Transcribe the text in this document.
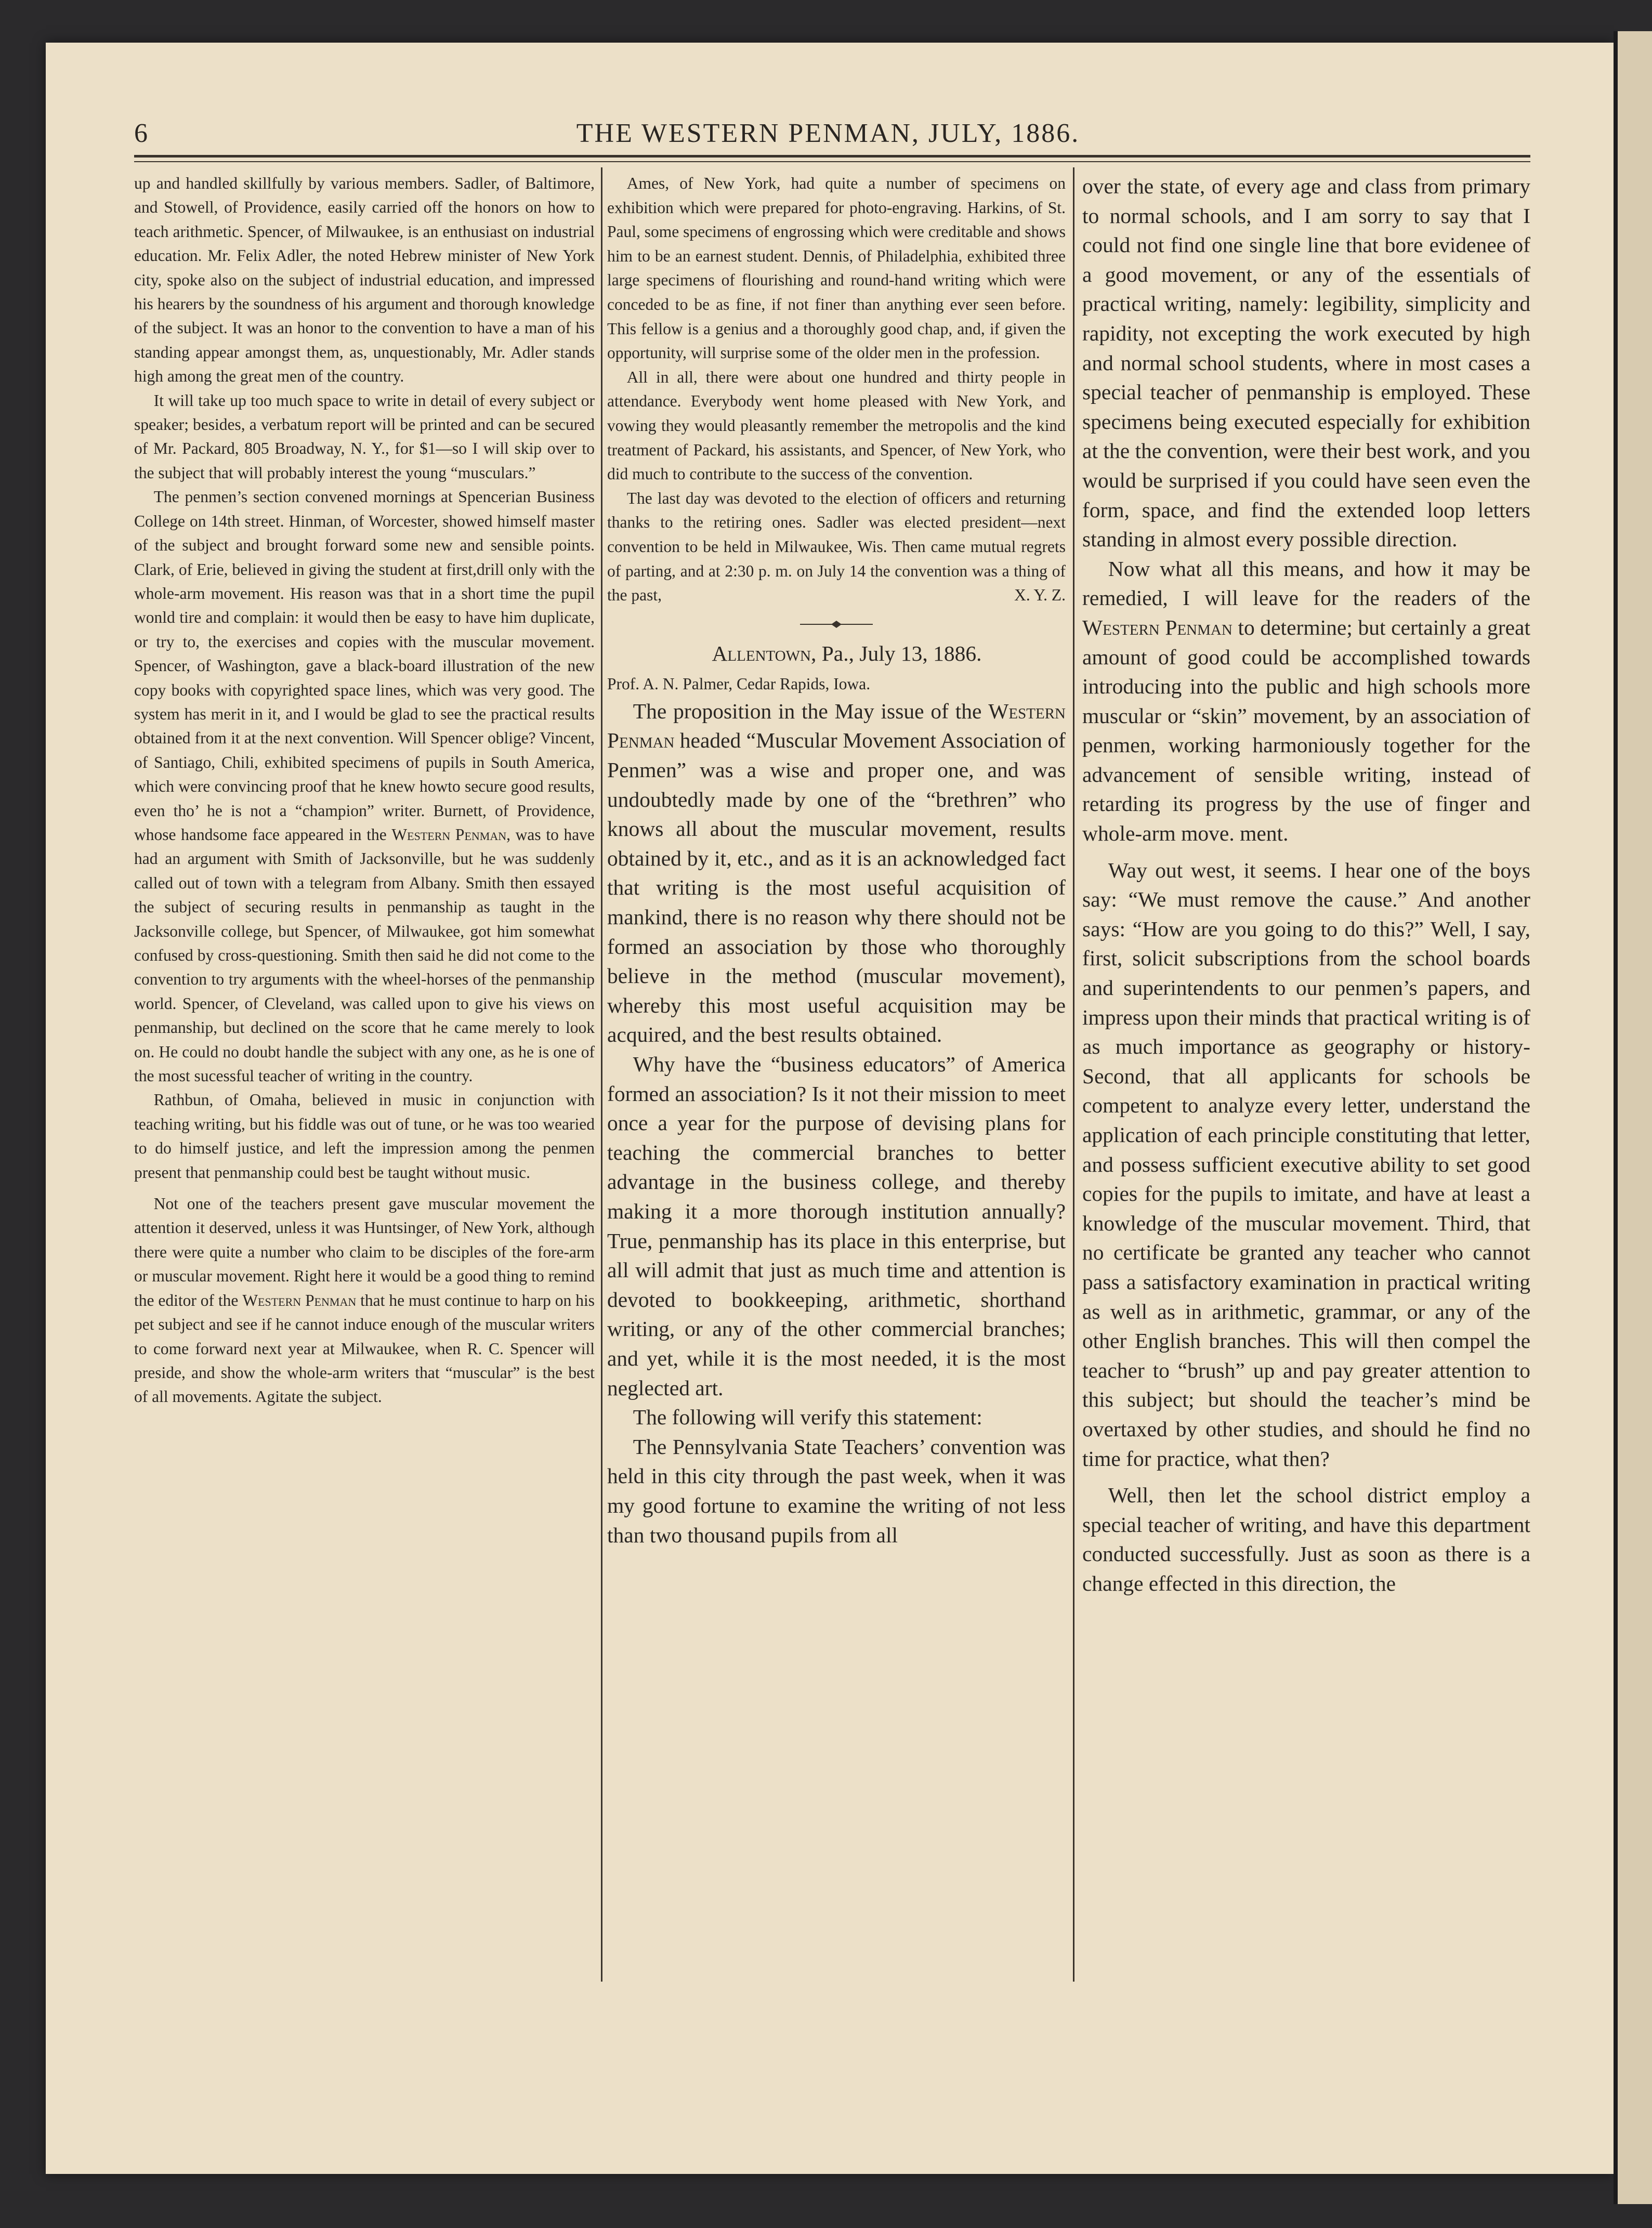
6	THE WESTERN PENMAN, JULY, 1886.

up and handled skillfully by various members. Sadler, of Baltimore, and Stowell, of Providence, easily carried off the honors on how to teach arithmetic. Spencer, of Milwaukee, is an enthusiast on industrial education. Mr. Felix Adler, the noted Hebrew minister of New York city, spoke also on the subject of industrial education, and impressed his hearers by the soundness of his argument and thorough knowledge of the subject. It was an honor to the convention to have a man of his standing appear amongst them, as, unquestionably, Mr. Adler stands high among the great men of the country.

It will take up too much space to write in detail of every subject or speaker; besides, a verbatum report will be printed and can be secured of Mr. Packard, 805 Broadway, N. Y., for $1—so I will skip over to the subject that will probably interest the young “musculars.”

The penmen’s section convened mornings at Spencerian Business College on 14th street. Hinman, of Worcester, showed himself master of the subject and brought forward some new and sensible points. Clark, of Erie, believed in giving the student at first,drill only with the whole-arm movement. His reason was that in a short time the pupil wonld tire and complain: it would then be easy to have him duplicate, or try to, the exercises and copies with the muscular movement. Spencer, of Washington, gave a black-board illustration of the new copy books with copyrighted space lines, which was very good. The system has merit in it, and I would be glad to see the practical results obtained from it at the next convention. Will Spencer oblige? Vincent, of Santiago, Chili, exhibited specimens of pupils in South America, which were convincing proof that he knew howto secure good results, even tho’ he is not a “champion” writer. Burnett, of Providence, whose handsome face appeared in the Western Penman, was to have had an argument with Smith of Jacksonville, but he was suddenly called out of town with a telegram from Albany. Smith then essayed the subject of securing results in penmanship as taught in the Jacksonville college, but Spencer, of Milwaukee, got him somewhat confused by cross-questioning. Smith then said he did not come to the convention to try arguments with the wheel-horses of the penmanship world. Spencer, of Cleveland, was called upon to give his views on penmanship, but declined on the score that he came merely to look on. He could no doubt handle the subject with any one, as he is one of the most sucessful teacher of writing in the country.

Rathbun, of Omaha, believed in music in conjunction with teaching writing, but his fiddle was out of tune, or he was too wearied to do himself justice, and left the impression among the penmen present that penmanship could best be taught without music.

Not one of the teachers present gave muscular movement the attention it deserved, unless it was Huntsinger, of New York, although there were quite a number who claim to be disciples of the fore-arm or muscular movement. Right here it would be a good thing to remind the editor of the Western Penman that he must continue to harp on his pet subject and see if he cannot induce enough of the muscular writers to come forward next year at Milwaukee, when R. C. Spencer will preside, and show the whole-arm writers that “muscular” is the best of all movements. Agitate the subject.

Ames, of New York, had quite a number of specimens on exhibition which were prepared for photo-engraving. Harkins, of St. Paul, some specimens of engrossing which were creditable and shows him to be an earnest student. Dennis, of Philadelphia, exhibited three large specimens of flourishing and round-hand writing which were conceded to be as fine, if not finer than anything ever seen before. This fellow is a genius and a thoroughly good chap, and, if given the opportunity, will surprise some of the older men in the profession.

All in all, there were about one hundred and thirty people in attendance. Everybody went home pleased with New York, and vowing they would pleasantly remember the metropolis and the kind treatment of Packard, his assistants, and Spencer, of New York, who did much to contribute to the success of the convention.

The last day was devoted to the election of officers and returning thanks to the retiring ones. Sadler was elected president—next convention to be held in Milwaukee, Wis. Then came mutual regrets of parting, and at 2:30 p. m. on July 14 the convention was a thing of the past,	X. Y. Z.

Allentown, Pa., July 13, 1886.

Prof. A. N. Palmer, Cedar Rapids, Iowa.

The proposition in the May issue of the Western Penman headed “Muscular Movement Association of Penmen” was a wise and proper one, and was undoubtedly made by one of the “brethren” who knows all about the muscular movement, results obtained by it, etc., and as it is an acknowledged fact that writing is the most useful acquisition of mankind, there is no reason why there should not be formed an association by those who thoroughly believe in the method (muscular movement), whereby this most useful acquisition may be acquired, and the best results obtained.

Why have the “business educators” of America formed an association? Is it not their mission to meet once a year for the purpose of devising plans for teaching the commercial branches to better advantage in the business college, and thereby making it a more thorough institution annually? True, penmanship has its place in this enterprise, but all will admit that just as much time and attention is devoted to bookkeeping, arithmetic, shorthand writing, or any of the other commercial branches; and yet, while it is the most needed, it is the most neglected art.

The following will verify this statement:

The Pennsylvania State Teachers’ convention was held in this city through the past week, when it was my good fortune to examine the writing of not less than two thousand pupils from all

over the state, of every age and class from primary to normal schools, and I am sorry to say that I could not find one single line that bore evidenee of a good movement, or any of the essentials of practical writing, namely: legibility, simplicity and rapidity, not excepting the work executed by high and normal school students, where in most cases a special teacher of penmanship is employed. These specimens being executed especially for exhibition at the the convention, were their best work, and you would be surprised if you could have seen even the form, space, and find the extended loop letters standing in almost every possible direction.

Now what all this means, and how it may be remedied, I will leave for the readers of the Western Penman to determine; but certainly a great amount of good could be accomplished towards introducing into the public and high schools more muscular or “skin” movement, by an association of penmen, working harmoniously together for the advancement of sensible writing, instead of retarding its progress by the use of finger and whole-arm move. ment.

Way out west, it seems. I hear one of the boys say: “We must remove the cause.” And another says: “How are you going to do this?” Well, I say, first, solicit subscriptions from the school boards and superintendents to our penmen’s papers, and impress upon their minds that practical writing is of as much importance as geography or history- Second, that all applicants for schools be competent to analyze every letter, understand the application of each principle constituting that letter, and possess sufficient executive ability to set good copies for the pupils to imitate, and have at least a knowledge of the muscular movement. Third, that no certificate be granted any teacher who cannot pass a satisfactory examination in practical writing as well as in arithmetic, grammar, or any of the other English branches. This will then compel the teacher to “brush” up and pay greater attention to this subject; but should the teacher’s mind be overtaxed by other studies, and should he find no time for practice, what then?

Well, then let the school district employ a special teacher of writing, and have this department conducted successfully. Just as soon as there is a change effected in this direction, the
